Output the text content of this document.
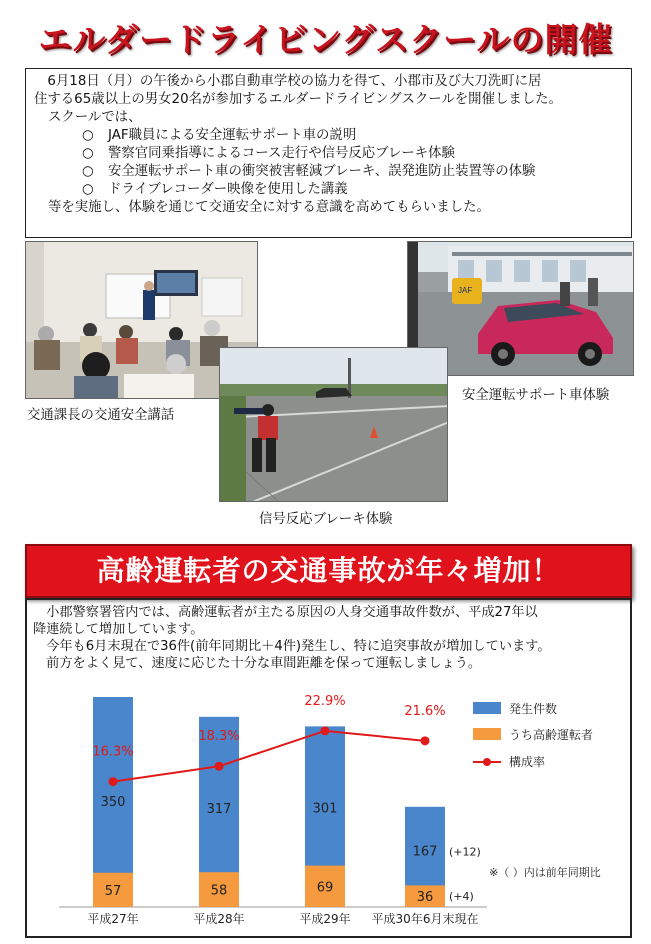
エルダードライビングスクールの開催

　6月18日（月）の午後から小郡自動車学校の協力を得て、小郡市及び大刀洗町に居

住する65歳以上の男女20名が参加するエルダードライビングスクールを開催しました。

スクールでは、

○ JAF職員による安全運転サポート車の説明

○ 警察官同乗指導によるコース走行や信号反応ブレーキ体験

○ 安全運転サポート車の衝突被害軽減ブレーキ、誤発進防止装置等の体験

○ ドライブレコーダー映像を使用した講義

等を実施し、体験を通じて交通安全に対する意識を高めてもらいました。

交通課長の交通安全講話
JAF
安全運転サポート車体験
信号反応ブレーキ体験
高齢運転者の交通事故が年々増加！

　小郡警察署管内では、高齢運転者が主たる原因の人身交通事故件数が、平成27年以

降連続して増加しています。

　今年も6月末現在で36件(前年同期比＋4件)発生し、特に追突事故が増加しています。

　前方をよく見て、速度に応じた十分な車間距離を保って運転しましょう。

57
350
平成27年
58
317
平成28年
69
301
平成29年
36
167
平成30年6月末現在
(+12)
(+4)
※（ ）内は前年同期比
16.3%
18.3%
22.9%
21.6%	発生件数
うち高齢運転者
構成率
